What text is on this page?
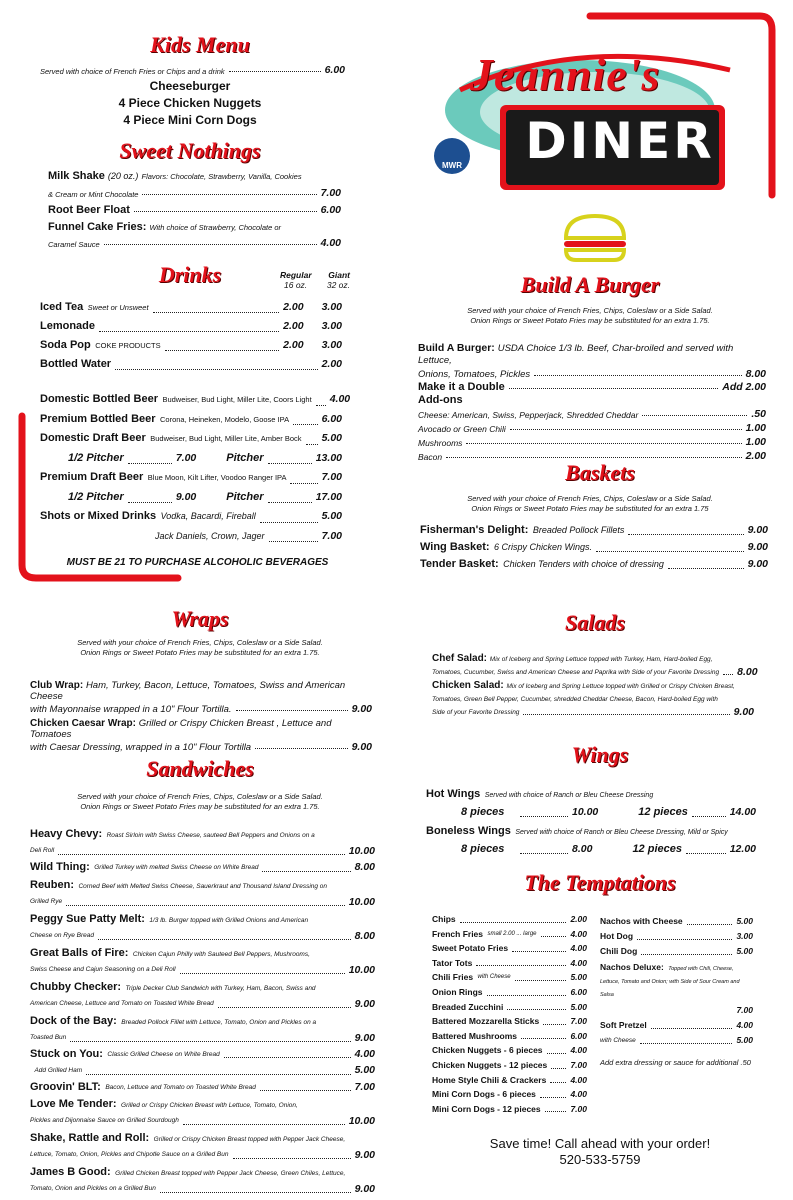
Jeannie's
DINER
MWR
Kids Menu
Served with choice of French Fries or Chips and a drink	6.00
Cheeseburger
4 Piece Chicken Nuggets
4 Piece Mini Corn Dogs
Sweet Nothings
Milk Shake (20 oz.) Flavors: Chocolate, Strawberry, Vanilla, Cookies
& Cream or Mint Chocolate	7.00
Root Beer Float	6.00
Funnel Cake Fries: With choice of Strawberry, Chocolate or
Caramel Sauce	4.00
Drinks	Regular Giant
16 oz. 32 oz.
Iced Tea
Sweet or Unsweet	2.00 3.00
Lemonade	2.00 3.00
Soda Pop
COKE PRODUCTS	2.00 3.00
Bottled Water	2.00
Domestic Bottled Beer
Budweiser, Bud Light, Miller Lite, Coors Light 4.00
Premium Bottled Beer
Corona, Heineken, Modelo, Goose IPA	6.00
Domestic Draft Beer
Budweiser, Bud Light, Miller Lite, Amber Bock 5.00
1/2 Pitcher	7.00	Pitcher	13.00
Premium Draft Beer
Blue Moon, Kilt Lifter, Voodoo Ranger IPA	7.00
1/2 Pitcher	9.00	Pitcher	17.00
Shots or Mixed Drinks
Vodka, Bacardi, Fireball	5.00
Jack Daniels, Crown, Jager	7.00
MUST BE 21 TO PURCHASE ALCOHOLIC BEVERAGES
Build A Burger
Served with your choice of French Fries, Chips, Coleslaw or a Side Salad.
Onion Rings or Sweet Potato Fries may be substituted for an extra 1.75.
Build A Burger: USDA Choice 1/3 lb. Beef, Char-broiled and served with Lettuce,
Onions, Tomatoes, Pickles	8.00
Make it a Double	Add 2.00
Add-ons
Cheese: American, Swiss, Pepperjack, Shredded Cheddar	.50
Avocado or Green Chili	1.00
Mushrooms	1.00
Bacon	2.00
Baskets
Served with your choice of French Fries, Chips, Coleslaw or a Side Salad.
Onion Rings or Sweet Potato Fries may be substituted for an extra 1.75
Fisherman's Delight:
Breaded Pollock Fillets	9.00
Wing Basket:
6 Crispy Chicken Wings.	9.00
Tender Basket:
Chicken Tenders with choice of dressing	9.00
Wraps
Served with your choice of French Fries, Chips, Coleslaw or a Side Salad.
Onion Rings or Sweet Potato Fries may be substituted for an extra 1.75.
Club Wrap: Ham, Turkey, Bacon, Lettuce, Tomatoes, Swiss and American Cheese
with Mayonnaise wrapped in a 10" Flour Tortilla.	9.00
Chicken Caesar Wrap: Grilled or Crispy Chicken Breast , Lettuce and Tomatoes
with Caesar Dressing, wrapped in a 10" Flour Tortilla	9.00
Salads
Chef Salad: Mix of Iceberg and Spring Lettuce topped with Turkey, Ham, Hard-boiled Egg,
Tomatoes, Cucumber, Swiss and American Cheese and Paprika with Side of your Favorite Dressing 8.00
Chicken Salad: Mix of Iceberg and Spring Lettuce topped with Grilled or Crispy Chicken Breast,
Tomatoes, Green Bell Pepper, Cucumber, shredded Cheddar Cheese, Bacon, Hard-boiled Egg with
Side of your Favorite Dressing	9.00
Sandwiches
Served with your choice of French Fries, Chips, Coleslaw or a Side Salad.
Onion Rings or Sweet Potato Fries may be substituted for an extra 1.75.
Heavy Chevy: Roast Sirloin with Swiss Cheese, sauteed Bell Peppers and Onions on a
Deli Roll	10.00
Wild Thing:
Grilled Turkey with melted Swiss Cheese on White Bread	8.00
Reuben: Corned Beef with Melted Swiss Cheese, Sauerkraut and Thousand Island Dressing on
Grilled Rye	10.00
Peggy Sue Patty Melt: 1/3 lb. Burger topped with Grilled Onions and American
Cheese on Rye Bread	8.00
Great Balls of Fire: Chicken Cajun Philly with Sauteed Bell Peppers, Mushrooms,
Swiss Cheese and Cajun Seasoning on a Deli Roll	10.00
Chubby Checker: Triple Decker Club Sandwich with Turkey, Ham, Bacon, Swiss and
American Cheese, Lettuce and Tomato on Toasted White Bread	9.00
Dock of the Bay: Breaded Pollock Fillet with Lettuce, Tomato, Onion and Pickles on a
Toasted Bun	9.00
Stuck on You:
Classic Grilled Cheese on White Bread	4.00

Add Grilled Ham	5.00
Groovin' BLT:
Bacon, Lettuce and Tomato on Toasted White Bread	7.00
Love Me Tender: Grilled or Crispy Chicken Breast with Lettuce, Tomato, Onion,
Pickles and Dijonnaise Sauce on Grilled Sourdough	10.00
Shake, Rattle and Roll: Grilled or Crispy Chicken Breast topped with Pepper Jack Cheese,
Lettuce, Tomato, Onion, Pickles and Chipotle Sauce on a Grilled Bun	9.00
James B Good: Grilled Chicken Breast topped with Pepper Jack Cheese, Green Chiles, Lettuce,
Tomato, Onion and Pickles on a Grilled Bun	9.00
Wings
Hot Wings Served with choice of Ranch or Bleu Cheese Dressing
8 pieces	10.00	12 pieces	14.00
Boneless Wings Served with choice of Ranch or Bleu Cheese Dressing, Mild or Spicy
8 pieces	8.00	12 pieces	12.00
The Temptations
Chips	2.00
French Fries
small 2.00 ... large	4.00
Sweet Potato Fries	4.00
Tator Tots	4.00
Chili Fries
with Cheese	5.00
Onion Rings	6.00
Breaded Zucchini	5.00
Battered Mozzarella Sticks	7.00
Battered Mushrooms	6.00
Chicken Nuggets - 6 pieces	4.00
Chicken Nuggets - 12 pieces	7.00
Home Style Chili & Crackers	4.00
Mini Corn Dogs - 6 pieces	4.00
Mini Corn Dogs - 12 pieces	7.00
Nachos with Cheese	5.00
Hot Dog	3.00
Chili Dog	5.00
Nachos Deluxe: Topped with Chili, Cheese, Lettuce, Tomato and Onion; with Side of Sour Cream and Salsa
7.00
Soft Pretzel	4.00
with Cheese	5.00
Add extra dressing or sauce for additional .50
Save time! Call ahead with your order!
520-533-5759
